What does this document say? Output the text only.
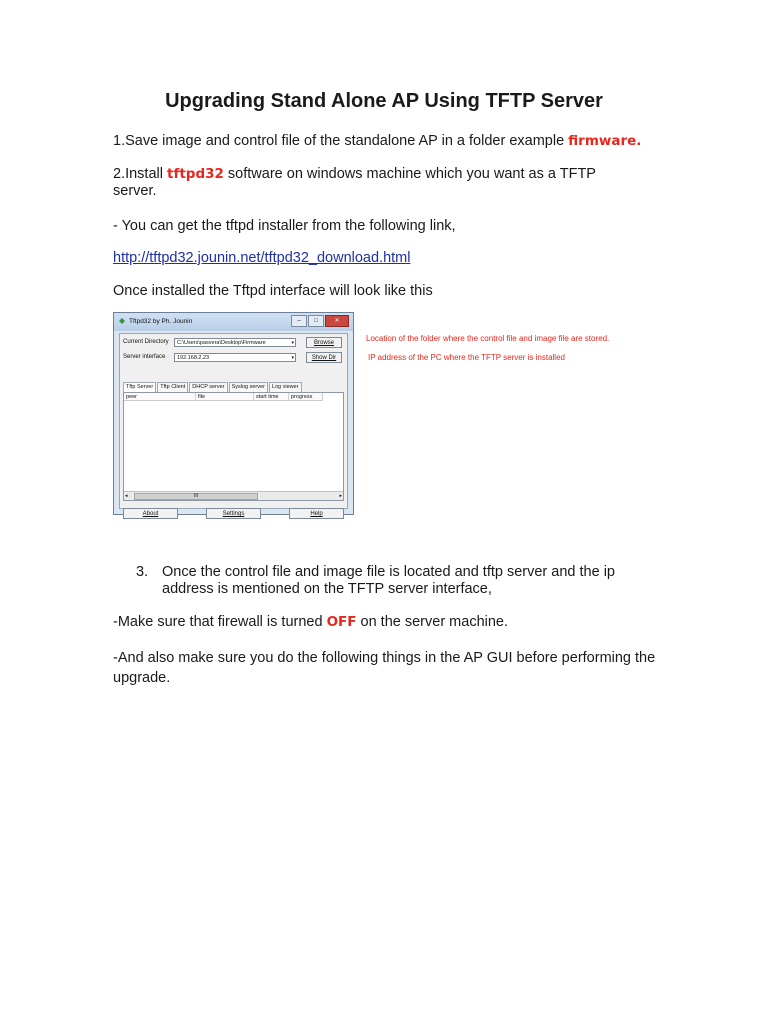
Upgrading Stand Alone AP Using TFTP Server

1.Save image and control file of the standalone AP in a folder example firmware.

2.Install tftpd32 software on windows machine which you want as a TFTP server.

- You can get the tftpd installer from the following link,

http://tftpd32.jounin.net/tftpd32_download.html

Once installed the Tftpd interface will look like this

Tftpd32 by Ph. Jounin	–	□	✕
Current Directory	C:\Users\pasvera\Desktop\Firmware	▾	Browse
Server interface	192.168.2.23	▾	Show Dir
Tftp Server	Tftp Client	DHCP server	Syslog server	Log viewer
peer	file	start time	progress
◂	III	▸
About	Settings	Help
Location of the folder where the control file and image file are stored.
IP address of the PC where the TFTP server is installed
3. Once the control file and image file is located and tftp server and the ip address is mentioned on the TFTP server interface,

-Make sure that firewall is turned OFF on the server machine.

-And also make sure you do the following things in the AP GUI before performing the upgrade.
